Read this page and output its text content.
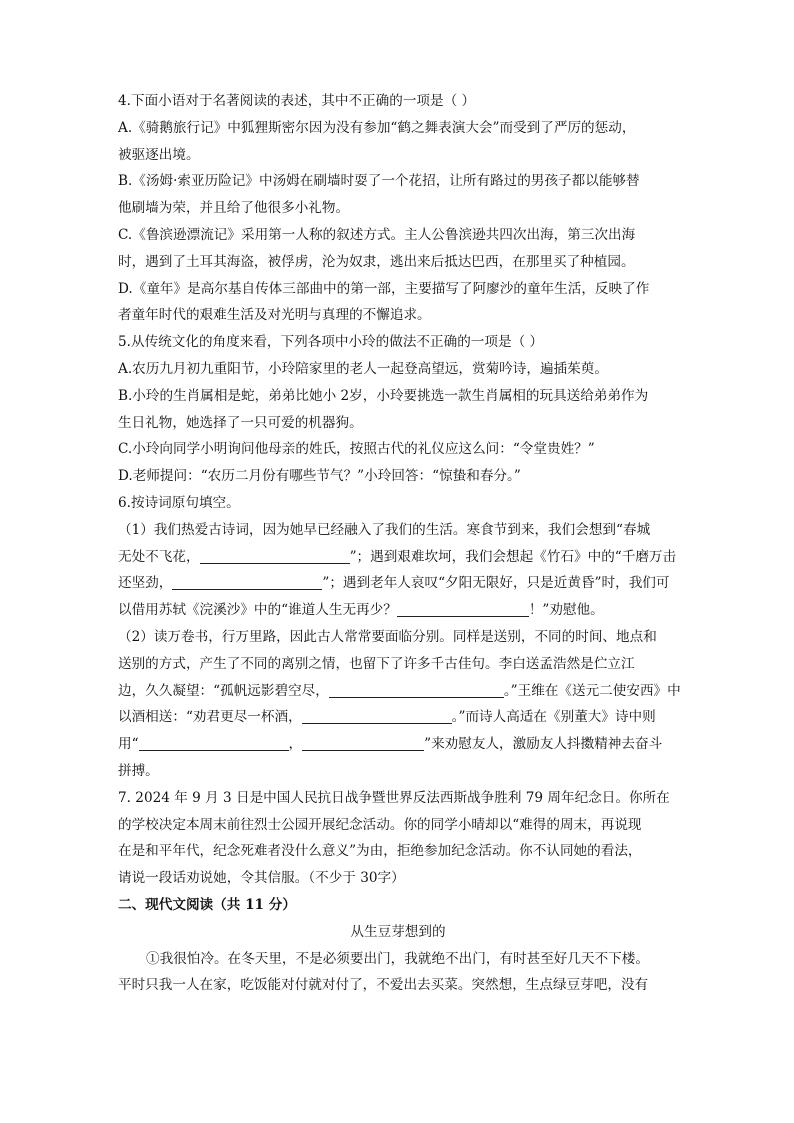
4.下面小语对于名著阅读的表述，其中不正确的一项是（ ）
A.《骑鹅旅行记》中狐狸斯密尔因为没有参加“鹤之舞表演大会”而受到了严厉的惩动，
被驱逐出境。
B.《汤姆·索亚历险记》中汤姆在刷墙时耍了一个花招，让所有路过的男孩子都以能够替
他刷墙为荣，并且给了他很多小礼物。
C.《鲁滨逊漂流记》采用第一人称的叙述方式。主人公鲁滨逊共四次出海，第三次出海
时，遇到了土耳其海盗，被俘虏，沦为奴隶，逃出来后抵达巴西，在那里买了种植园。
D.《童年》是高尔基自传体三部曲中的第一部，主要描写了阿廖沙的童年生活，反映了作
者童年时代的艰难生活及对光明与真理的不懈追求。
5.从传统文化的角度来看，下列各项中小玲的做法不正确的一项是（ ）
A.农历九月初九重阳节，小玲陪家里的老人一起登高望远，赏菊吟诗，遍插茱萸。
B.小玲的生肖属相是蛇，弟弟比她小 2岁，小玲要挑选一款生肖属相的玩具送给弟弟作为
生日礼物，她选择了一只可爱的机器狗。
C.小玲向同学小明询问他母亲的姓氏，按照古代的礼仪应这么问：“令堂贵姓？”
D.老师提问：“农历二月份有哪些节气？”小玲回答：“惊蛰和春分。”
6.按诗词原句填空。
（1）我们热爱古诗词，因为她早已经融入了我们的生活。寒食节到来，我们会想到“春城
无处不飞花，	”；遇到艰难坎坷，我们会想起《竹石》中的“千磨万击
还坚劲，	”；遇到老年人哀叹“夕阳无限好，只是近黄昏”时，我们可
以借用苏轼《浣溪沙》中的“谁道人生无再少？	！”劝慰他。
（2）读万卷书，行万里路，因此古人常常要面临分别。同样是送别，不同的时间、地点和
送别的方式，产生了不同的离别之情，也留下了许多千古佳句。李白送孟浩然是伫立江
边，久久凝望：“孤帆远影碧空尽，	。”王维在《送元二使安西》中
以酒相送：“劝君更尽一杯酒，	。”而诗人高适在《别董大》诗中则
用“	，	”来劝慰友人，激励友人抖擞精神去奋斗
拼搏。
7. 2024 年 9 月 3 日是中国人民抗日战争暨世界反法西斯战争胜利 79 周年纪念日。你所在
的学校决定本周末前往烈士公园开展纪念活动。你的同学小晴却以“难得的周末，再说现
在是和平年代，纪念死难者没什么意义”为由，拒绝参加纪念活动。你不认同她的看法，
请说一段话劝说她，令其信服。（不少于 30字）
二、现代文阅读（共 11 分）
从生豆芽想到的
①我很怕冷。在冬天里，不是必须要出门，我就绝不出门，有时甚至好几天不下楼。
平时只我一人在家，吃饭能对付就对付了，不爱出去买菜。突然想，生点绿豆芽吧，没有
